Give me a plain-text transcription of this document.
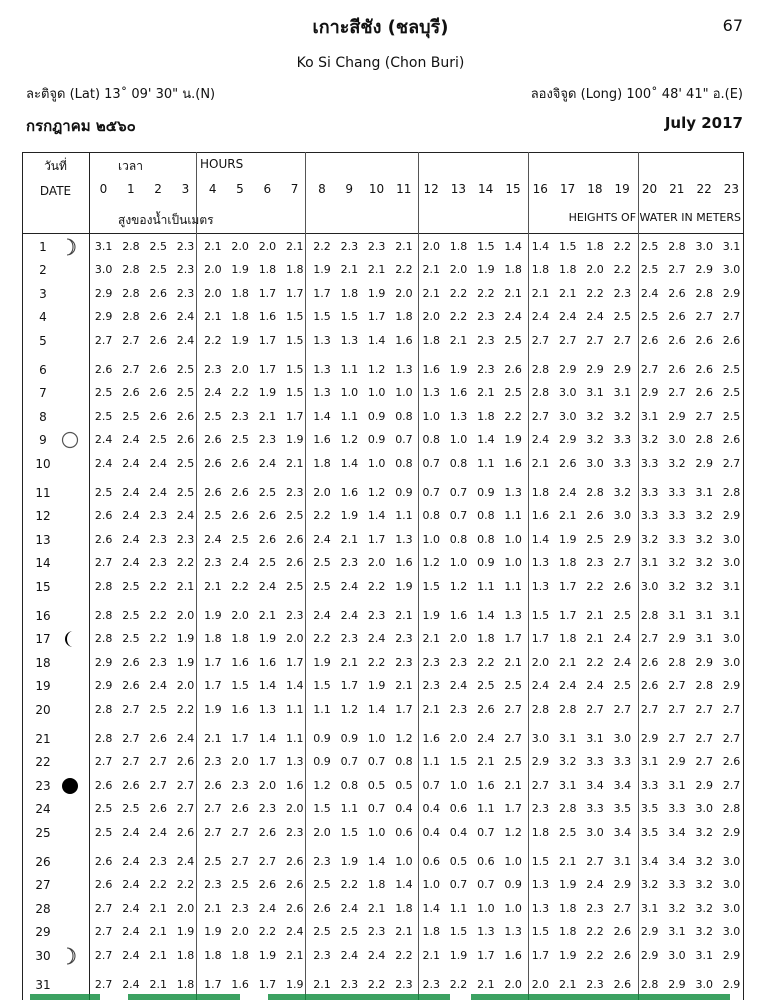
เกาะสีชัง (ชลบุรี)	67
Ko Si Chang (Chon Buri)
ละติจูด (Lat) 13˚ 09' 30" น.(N)	ลองจิจูด (Long) 100˚ 48' 41" อ.(E)
กรกฎาคม ๒๕๖๐	July 2017
วันที่
DATE
เวลา	HOURS
สูงของน้ำเป็นเมตร	HEIGHTS OF WATER IN METERS
0	1	2	3	4	5	6	7	8	9	10	11	12	13	14	15	16	17	18	19	20	21	22	23
1	3.1 2.8 2.5 2.3 2.1 2.0 2.0 2.1 2.2 2.3 2.3 2.1 2.0 1.8 1.5 1.4 1.4 1.5 1.8 2.2 2.5 2.8 3.0 3.1
2	3.0 2.8 2.5 2.3 2.0 1.9 1.8 1.8 1.9 2.1 2.1 2.2 2.1 2.0 1.9 1.8 1.8 1.8 2.0 2.2 2.5 2.7 2.9 3.0
3	2.9 2.8 2.6 2.3 2.0 1.8 1.7 1.7 1.7 1.8 1.9 2.0 2.1 2.2 2.2 2.1 2.1 2.1 2.2 2.3 2.4 2.6 2.8 2.9
4	2.9 2.8 2.6 2.4 2.1 1.8 1.6 1.5 1.5 1.5 1.7 1.8 2.0 2.2 2.3 2.4 2.4 2.4 2.4 2.5 2.5 2.6 2.7 2.7
5	2.7 2.7 2.6 2.4 2.2 1.9 1.7 1.5 1.3 1.3 1.4 1.6 1.8 2.1 2.3 2.5 2.7 2.7 2.7 2.7 2.6 2.6 2.6 2.6
6	2.6 2.7 2.6 2.5 2.3 2.0 1.7 1.5 1.3 1.1 1.2 1.3 1.6 1.9 2.3 2.6 2.8 2.9 2.9 2.9 2.7 2.6 2.6 2.5
7	2.5 2.6 2.6 2.5 2.4 2.2 1.9 1.5 1.3 1.0 1.0 1.0 1.3 1.6 2.1 2.5 2.8 3.0 3.1 3.1 2.9 2.7 2.6 2.5
8	2.5 2.5 2.6 2.6 2.5 2.3 2.1 1.7 1.4 1.1 0.9 0.8 1.0 1.3 1.8 2.2 2.7 3.0 3.2 3.2 3.1 2.9 2.7 2.5
9	2.4 2.4 2.5 2.6 2.6 2.5 2.3 1.9 1.6 1.2 0.9 0.7 0.8 1.0 1.4 1.9 2.4 2.9 3.2 3.3 3.2 3.0 2.8 2.6
10	2.4 2.4 2.4 2.5 2.6 2.6 2.4 2.1 1.8 1.4 1.0 0.8 0.7 0.8 1.1 1.6 2.1 2.6 3.0 3.3 3.3 3.2 2.9 2.7
11	2.5 2.4 2.4 2.5 2.6 2.6 2.5 2.3 2.0 1.6 1.2 0.9 0.7 0.7 0.9 1.3 1.8 2.4 2.8 3.2 3.3 3.3 3.1 2.8
12	2.6 2.4 2.3 2.4 2.5 2.6 2.6 2.5 2.2 1.9 1.4 1.1 0.8 0.7 0.8 1.1 1.6 2.1 2.6 3.0 3.3 3.3 3.2 2.9
13	2.6 2.4 2.3 2.3 2.4 2.5 2.6 2.6 2.4 2.1 1.7 1.3 1.0 0.8 0.8 1.0 1.4 1.9 2.5 2.9 3.2 3.3 3.2 3.0
14	2.7 2.4 2.3 2.2 2.3 2.4 2.5 2.6 2.5 2.3 2.0 1.6 1.2 1.0 0.9 1.0 1.3 1.8 2.3 2.7 3.1 3.2 3.2 3.0
15	2.8 2.5 2.2 2.1 2.1 2.2 2.4 2.5 2.5 2.4 2.2 1.9 1.5 1.2 1.1 1.1 1.3 1.7 2.2 2.6 3.0 3.2 3.2 3.1
16	2.8 2.5 2.2 2.0 1.9 2.0 2.1 2.3 2.4 2.4 2.3 2.1 1.9 1.6 1.4 1.3 1.5 1.7 2.1 2.5 2.8 3.1 3.1 3.1
17	2.8 2.5 2.2 1.9 1.8 1.8 1.9 2.0 2.2 2.3 2.4 2.3 2.1 2.0 1.8 1.7 1.7 1.8 2.1 2.4 2.7 2.9 3.1 3.0
18	2.9 2.6 2.3 1.9 1.7 1.6 1.6 1.7 1.9 2.1 2.2 2.3 2.3 2.3 2.2 2.1 2.0 2.1 2.2 2.4 2.6 2.8 2.9 3.0
19	2.9 2.6 2.4 2.0 1.7 1.5 1.4 1.4 1.5 1.7 1.9 2.1 2.3 2.4 2.5 2.5 2.4 2.4 2.4 2.5 2.6 2.7 2.8 2.9
20	2.8 2.7 2.5 2.2 1.9 1.6 1.3 1.1 1.1 1.2 1.4 1.7 2.1 2.3 2.6 2.7 2.8 2.8 2.7 2.7 2.7 2.7 2.7 2.7
21	2.8 2.7 2.6 2.4 2.1 1.7 1.4 1.1 0.9 0.9 1.0 1.2 1.6 2.0 2.4 2.7 3.0 3.1 3.1 3.0 2.9 2.7 2.7 2.7
22	2.7 2.7 2.7 2.6 2.3 2.0 1.7 1.3 0.9 0.7 0.7 0.8 1.1 1.5 2.1 2.5 2.9 3.2 3.3 3.3 3.1 2.9 2.7 2.6
23	2.6 2.6 2.7 2.7 2.6 2.3 2.0 1.6 1.2 0.8 0.5 0.5 0.7 1.0 1.6 2.1 2.7 3.1 3.4 3.4 3.3 3.1 2.9 2.7
24	2.5 2.5 2.6 2.7 2.7 2.6 2.3 2.0 1.5 1.1 0.7 0.4 0.4 0.6 1.1 1.7 2.3 2.8 3.3 3.5 3.5 3.3 3.0 2.8
25	2.5 2.4 2.4 2.6 2.7 2.7 2.6 2.3 2.0 1.5 1.0 0.6 0.4 0.4 0.7 1.2 1.8 2.5 3.0 3.4 3.5 3.4 3.2 2.9
26	2.6 2.4 2.3 2.4 2.5 2.7 2.7 2.6 2.3 1.9 1.4 1.0 0.6 0.5 0.6 1.0 1.5 2.1 2.7 3.1 3.4 3.4 3.2 3.0
27	2.6 2.4 2.2 2.2 2.3 2.5 2.6 2.6 2.5 2.2 1.8 1.4 1.0 0.7 0.7 0.9 1.3 1.9 2.4 2.9 3.2 3.3 3.2 3.0
28	2.7 2.4 2.1 2.0 2.1 2.3 2.4 2.6 2.6 2.4 2.1 1.8 1.4 1.1 1.0 1.0 1.3 1.8 2.3 2.7 3.1 3.2 3.2 3.0
29	2.7 2.4 2.1 1.9 1.9 2.0 2.2 2.4 2.5 2.5 2.3 2.1 1.8 1.5 1.3 1.3 1.5 1.8 2.2 2.6 2.9 3.1 3.2 3.0
30	2.7 2.4 2.1 1.8 1.8 1.8 1.9 2.1 2.3 2.4 2.4 2.2 2.1 1.9 1.7 1.6 1.7 1.9 2.2 2.6 2.9 3.0 3.1 2.9
31	2.7 2.4 2.1 1.8 1.7 1.6 1.7 1.9 2.1 2.3 2.2 2.3 2.3 2.2 2.1 2.0 2.0 2.1 2.3 2.6 2.8 2.9 3.0 2.9
